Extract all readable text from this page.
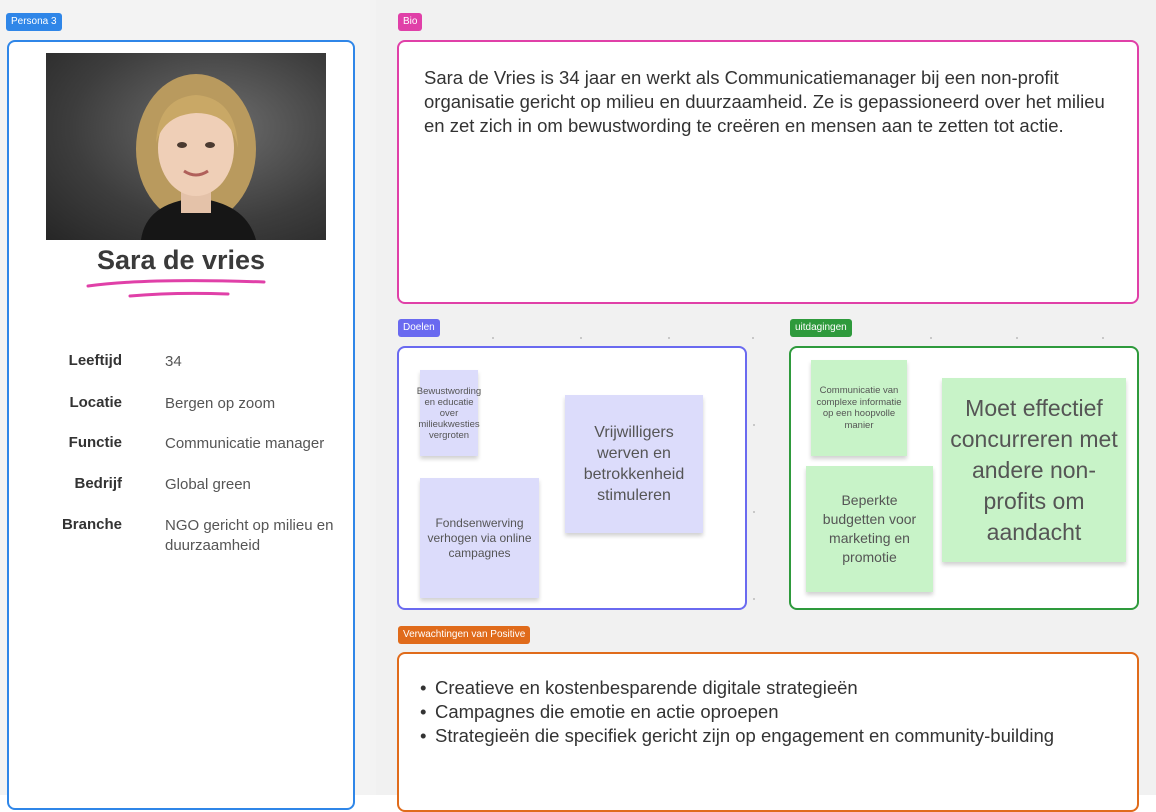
Persona 3
Sara de vries
Leeftijd	34
Locatie	Bergen op zoom
Functie	Communicatie manager
Bedrijf	Global green
Branche	NGO gericht op milieu en duurzaamheid
Bio
Sara de Vries is 34 jaar en werkt als Communicatiemanager bij een non-profit organisatie gericht op milieu en duurzaamheid. Ze is gepassioneerd over het milieu en zet zich in om bewustwording te creëren en mensen aan te zetten tot actie.
Doelen
Bewustwording en educatie over milieukwesties vergroten	Vrijwilligers werven en betrokkenheid stimuleren
Fondsenwerving verhogen via online campagnes
uitdagingen
Communicatie van complexe informatie op een hoopvolle manier
Moet effectief concurreren met andere non-profits om aandacht
Beperkte budgetten voor marketing en promotie
Verwachtingen van Positive
• Creatieve en kostenbesparende digitale strategieën
• Campagnes die emotie en actie oproepen
• Strategieën die specifiek gericht zijn op engagement en community-building
